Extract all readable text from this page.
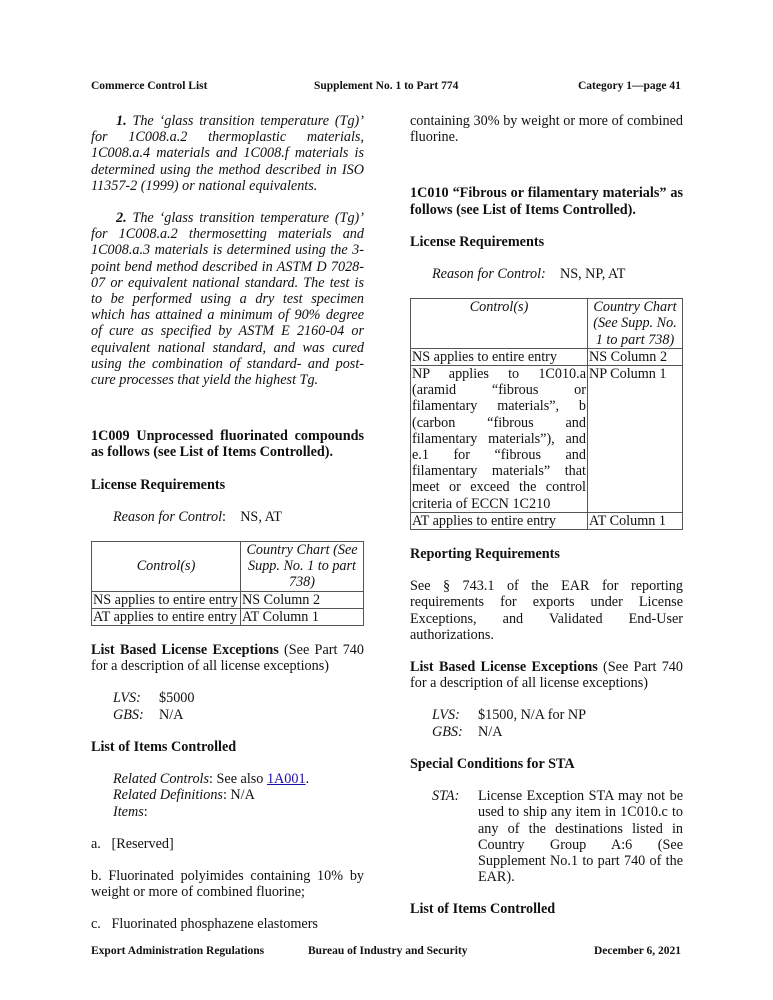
Commerce Control List	Supplement No. 1 to Part 774	Category 1—page 41

1. The ‘glass transition temperature (Tg)’ for 1C008.a.2 thermoplastic materials, 1C008.a.4 materials and 1C008.f materials is determined using the method described in ISO 11357-2 (1999) or national equivalents.

2. The ‘glass transition temperature (Tg)’ for 1C008.a.2 thermosetting materials and 1C008.a.3 materials is determined using the 3-point bend method described in ASTM D 7028-07 or equivalent national standard. The test is to be performed using a dry test specimen which has attained a minimum of 90% degree of cure as specified by ASTM E 2160-04 or equivalent national standard, and was cured using the combination of standard- and post-cure processes that yield the highest Tg.

1C009 Unprocessed fluorinated compounds as follows (see List of Items Controlled).

License Requirements

Reason for Control:    NS, AT

Control(s)	Country Chart (See Supp. No. 1 to part 738)
NS applies to entire entry	NS Column 2
AT applies to entire entry	AT Column 1

List Based License Exceptions (See Part 740 for a description of all license exceptions)

LVS:	$5000
GBS:	N/A

List of Items Controlled

Related Controls: See also 1A001.

Related Definitions: N/A

Items:

a. [Reserved]

b. Fluorinated polyimides containing 10% by weight or more of combined fluorine;

c. Fluorinated phosphazene elastomers

containing 30% by weight or more of combined fluorine.

1C010 “Fibrous or filamentary materials” as follows (see List of Items Controlled).

License Requirements

Reason for Control: NS, NP, AT

Control(s)	Country Chart (See Supp. No. 1 to part 738)
NS applies to entire entry	NS Column 2
NP applies to 1C010.a (aramid “fibrous or filamentary materials”, b (carbon “fibrous and filamentary materials”), and e.1 for “fibrous and filamentary materials” that meet or exceed the control criteria of ECCN 1C210	NP Column 1
AT applies to entire entry	AT Column 1

Reporting Requirements

See § 743.1 of the EAR for reporting requirements for exports under License Exceptions, and Validated End-User authorizations.

List Based License Exceptions (See Part 740 for a description of all license exceptions)

LVS:	$1500, N/A for NP
GBS:	N/A

Special Conditions for STA

STA:	License Exception STA may not be used to ship any item in 1C010.c to any of the destinations listed in Country Group A:6 (See Supplement No.1 to part 740 of the EAR).

List of Items Controlled

Export Administration Regulations	Bureau of Industry and Security	December 6, 2021
